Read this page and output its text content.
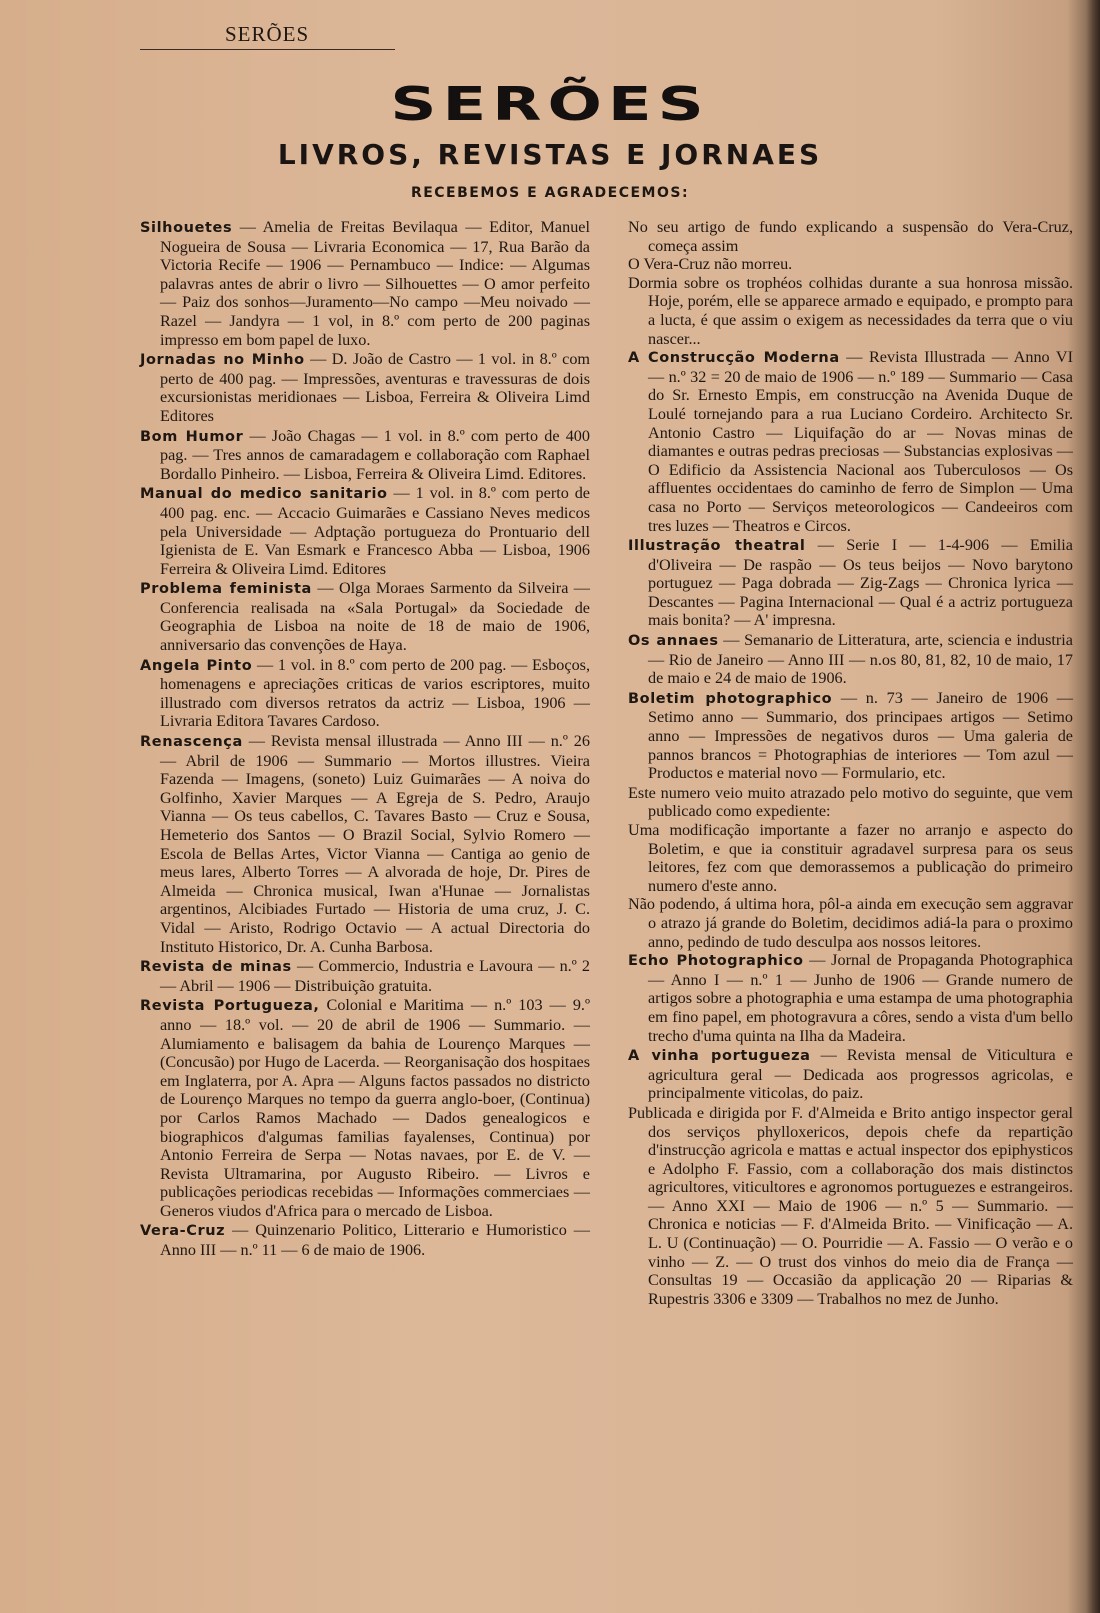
SERÕES
SERÕES
LIVROS, REVISTAS E JORNAES
RECEBEMOS E AGRADECEMOS:

Silhouetes — Amelia de Freitas Bevilaqua — Editor, Manuel Nogueira de Sousa — Livraria Economica — 17, Rua Barão da Victoria Recife — 1906 — Pernambuco — Indice: — Algumas palavras antes de abrir o livro — Silhouettes — O amor perfeito — Paiz dos sonhos—Juramento—No campo —Meu noivado — Razel — Jandyra — 1 vol, in 8.º com perto de 200 paginas impresso em bom papel de luxo.

Jornadas no Minho — D. João de Castro — 1 vol. in 8.º com perto de 400 pag. — Impressões, aventuras e travessuras de dois excursionistas meridionaes — Lisboa, Ferreira & Oliveira Limd Editores

Bom Humor — João Chagas — 1 vol. in 8.º com perto de 400 pag. — Tres annos de camaradagem e collaboração com Raphael Bordallo Pinheiro. — Lisboa, Ferreira & Oliveira Limd. Editores.

Manual do medico sanitario — 1 vol. in 8.º com perto de 400 pag. enc. — Accacio Guimarães e Cassiano Neves medicos pela Universidade — Adptação portugueza do Prontuario dell Igienista de E. Van Esmark e Francesco Abba — Lisboa, 1906 Ferreira & Oliveira Limd. Editores

Problema feminista — Olga Moraes Sarmento da Silveira — Conferencia realisada na «Sala Portugal» da Sociedade de Geographia de Lisboa na noite de 18 de maio de 1906, anniversario das convenções de Haya.

Angela Pinto — 1 vol. in 8.º com perto de 200 pag. — Esboços, homenagens e apreciações criticas de varios escriptores, muito illustrado com diversos retratos da actriz — Lisboa, 1906 — Livraria Editora Tavares Cardoso.

Renascença — Revista mensal illustrada — Anno III — n.º 26 — Abril de 1906 — Summario — Mortos illustres. Vieira Fazenda — Imagens, (soneto) Luiz Guimarães — A noiva do Golfinho, Xavier Marques — A Egreja de S. Pedro, Araujo Vianna — Os teus cabellos, C. Tavares Basto — Cruz e Sousa, Hemeterio dos Santos — O Brazil Social, Sylvio Romero — Escola de Bellas Artes, Victor Vianna — Cantiga ao genio de meus lares, Alberto Torres — A alvorada de hoje, Dr. Pires de Almeida — Chronica musical, Iwan a'Hunae — Jornalistas argentinos, Alcibiades Furtado — Historia de uma cruz, J. C. Vidal — Aristo, Rodrigo Octavio — A actual Directoria do Instituto Historico, Dr. A. Cunha Barbosa.

Revista de minas — Commercio, Industria e Lavoura — n.º 2 — Abril — 1906 — Distribuição gratuita.

Revista Portugueza, Colonial e Maritima — n.º 103 — 9.º anno — 18.º vol. — 20 de abril de 1906 — Summario. — Alumiamento e balisagem da bahia de Lourenço Marques — (Concusão) por Hugo de Lacerda. — Reorganisação dos hospitaes em Inglaterra, por A. Apra — Alguns factos passados no districto de Lourenço Marques no tempo da guerra anglo-boer, (Continua) por Carlos Ramos Machado — Dados genealogicos e biographicos d'algumas familias fayalenses, Continua) por Antonio Ferreira de Serpa — Notas navaes, por E. de V. — Revista Ultramarina, por Augusto Ribeiro. — Livros e publicações periodicas recebidas — Informações commerciaes — Generos viudos d'Africa para o mercado de Lisboa.

Vera-Cruz — Quinzenario Politico, Litterario e Humoristico — Anno III — n.º 11 — 6 de maio de 1906.

No seu artigo de fundo explicando a suspensão do Vera-Cruz, começa assim

O Vera-Cruz não morreu.

Dormia sobre os trophéos colhidas durante a sua honrosa missão. Hoje, porém, elle se apparece armado e equipado, e prompto para a lucta, é que assim o exigem as necessidades da terra que o viu nascer...

A Construcção Moderna — Revista Illustrada — Anno VI — n.º 32 = 20 de maio de 1906 — n.º 189 — Summario — Casa do Sr. Ernesto Empis, em construcção na Avenida Duque de Loulé tornejando para a rua Luciano Cordeiro. Architecto Sr. Antonio Castro — Liquifação do ar — Novas minas de diamantes e outras pedras preciosas — Substancias explosivas — O Edificio da Assistencia Nacional aos Tuberculosos — Os affluentes occidentaes do caminho de ferro de Simplon — Uma casa no Porto — Serviços meteorologicos — Candeeiros com tres luzes — Theatros e Circos.

Illustração theatral — Serie I — 1-4-906 — Emilia d'Oliveira — De raspão — Os teus beijos — Novo barytono portuguez — Paga dobrada — Zig-Zags — Chronica lyrica — Descantes — Pagina Internacional — Qual é a actriz portugueza mais bonita? — A' impresna.

Os annaes — Semanario de Litteratura, arte, sciencia e industria — Rio de Janeiro — Anno III — n.os 80, 81, 82, 10 de maio, 17 de maio e 24 de maio de 1906.

Boletim photographico — n. 73 — Janeiro de 1906 — Setimo anno — Summario, dos principaes artigos — Setimo anno — Impressões de negativos duros — Uma galeria de pannos brancos = Photographias de interiores — Tom azul — Productos e material novo — Formulario, etc.

Este numero veio muito atrazado pelo motivo do seguinte, que vem publicado como expediente:

Uma modificação importante a fazer no arranjo e aspecto do Boletim, e que ia constituir agradavel surpresa para os seus leitores, fez com que demorassemos a publicação do primeiro numero d'este anno.

Não podendo, á ultima hora, pôl-a ainda em execução sem aggravar o atrazo já grande do Boletim, decidimos adiá-la para o proximo anno, pedindo de tudo desculpa aos nossos leitores.

Echo Photographico — Jornal de Propaganda Photographica — Anno I — n.º 1 — Junho de 1906 — Grande numero de artigos sobre a photographia e uma estampa de uma photographia em fino papel, em photogravura a côres, sendo a vista d'um bello trecho d'uma quinta na Ilha da Madeira.

A vinha portugueza — Revista mensal de Viticultura e agricultura geral — Dedicada aos progressos agricolas, e principalmente viticolas, do paiz.

Publicada e dirigida por F. d'Almeida e Brito antigo inspector geral dos serviços phylloxericos, depois chefe da repartição d'instrucção agricola e mattas e actual inspector dos epiphysticos e Adolpho F. Fassio, com a collaboração dos mais distinctos agricultores, viticultores e agronomos portuguezes e estrangeiros. — Anno XXI — Maio de 1906 — n.º 5 — Summario. — Chronica e noticias — F. d'Almeida Brito. — Vinificação — A. L. U (Continuação) — O. Pourridie — A. Fassio — O verão e o vinho — Z. — O trust dos vinhos do meio dia de França — Consultas 19 — Occasião da applicação 20 — Riparias & Rupestris 3306 e 3309 — Trabalhos no mez de Junho.
